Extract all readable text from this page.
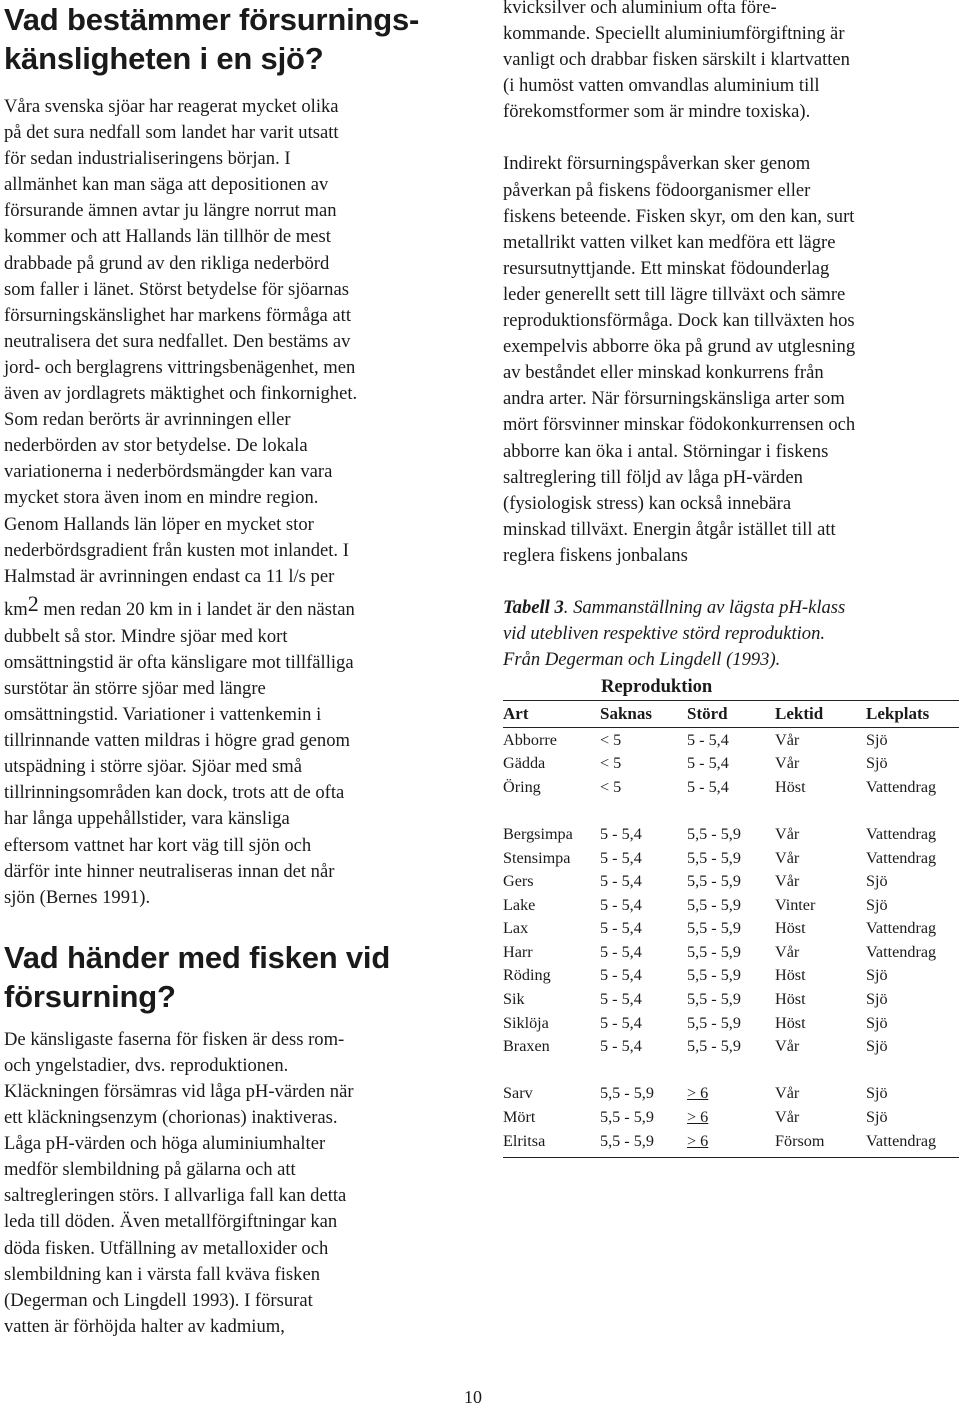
Vad bestämmer försurnings-
känsligheten i en sjö?

Våra svenska sjöar har reagerat mycket olika
på det sura nedfall som landet har varit utsatt
för sedan industrialiseringens början. I
allmänhet kan man säga att depositionen av
försurande ämnen avtar ju längre norrut man
kommer och att Hallands län tillhör de mest
drabbade på grund av den rikliga nederbörd
som faller i länet. Störst betydelse för sjöarnas
försurningskänslighet har markens förmåga att
neutralisera det sura nedfallet. Den bestäms av
jord- och berglagrens vittringsbenägenhet, men
även av jordlagrets mäktighet och finkornighet.
Som redan berörts är avrinningen eller
nederbörden av stor betydelse. De lokala
variationerna i nederbördsmängder kan vara
mycket stora även inom en mindre region.
Genom Hallands län löper en mycket stor
nederbördsgradient från kusten mot inlandet. I
Halmstad är avrinningen endast ca 11 l/s per
km2 men redan 20 km in i landet är den nästan
dubbelt så stor. Mindre sjöar med kort
omsättningstid är ofta känsligare mot tillfälliga
surstötar än större sjöar med längre
omsättningstid. Variationer i vattenkemin i
tillrinnande vatten mildras i högre grad genom
utspädning i större sjöar. Sjöar med små
tillrinningsområden kan dock, trots att de ofta
har långa uppehållstider, vara känsliga
eftersom vattnet har kort väg till sjön och
därför inte hinner neutraliseras innan det når
sjön (Bernes 1991).

Vad händer med fisken vid
försurning?

De känsligaste faserna för fisken är dess rom-
och yngelstadier, dvs. reproduktionen.
Kläckningen försämras vid låga pH-värden när
ett kläckningsenzym (chorionas) inaktiveras.
Låga pH-värden och höga aluminiumhalter
medför slembildning på gälarna och att
saltregleringen störs. I allvarliga fall kan detta
leda till döden. Även metallförgiftningar kan
döda fisken. Utfällning av metalloxider och
slembildning kan i värsta fall kväva fisken
(Degerman och Lingdell 1993). I försurat
vatten är förhöjda halter av kadmium,

kvicksilver och aluminium ofta före-
kommande. Speciellt aluminiumförgiftning är
vanligt och drabbar fisken särskilt i klartvatten
(i humöst vatten omvandlas aluminium till
förekomstformer som är mindre toxiska).

Indirekt försurningspåverkan sker genom
påverkan på fiskens födoorganismer eller
fiskens beteende. Fisken skyr, om den kan, surt
metallrikt vatten vilket kan medföra ett lägre
resursutnyttjande. Ett minskat födounderlag
leder generellt sett till lägre tillväxt och sämre
reproduktionsförmåga. Dock kan tillväxten hos
exempelvis abborre öka på grund av utglesning
av beståndet eller minskad konkurrens från
andra arter. När försurningskänsliga arter som
mört försvinner minskar födokonkurrensen och
abborre kan öka i antal. Störningar i fiskens
saltreglering till följd av låga pH-värden
(fysiologisk stress) kan också innebära
minskad tillväxt. Energin åtgår istället till att
reglera fiskens jonbalans

Tabell 3. Sammanställning av lägsta pH-klass
vid utebliven respektive störd reproduktion.
Från Degerman och Lingdell (1993).

Reproduktion
Art	Saknas	Störd	Lektid	Lekplats
Abborre	< 5	5 - 5,4	Vår	Sjö
Gädda	< 5	5 - 5,4	Vår	Sjö
Öring	< 5	5 - 5,4	Höst	Vattendrag

Bergsimpa	5 - 5,4	5,5 - 5,9	Vår	Vattendrag
Stensimpa	5 - 5,4	5,5 - 5,9	Vår	Vattendrag
Gers	5 - 5,4	5,5 - 5,9	Vår	Sjö
Lake	5 - 5,4	5,5 - 5,9	Vinter	Sjö
Lax	5 - 5,4	5,5 - 5,9	Höst	Vattendrag
Harr	5 - 5,4	5,5 - 5,9	Vår	Vattendrag
Röding	5 - 5,4	5,5 - 5,9	Höst	Sjö
Sik	5 - 5,4	5,5 - 5,9	Höst	Sjö
Siklöja	5 - 5,4	5,5 - 5,9	Höst	Sjö
Braxen	5 - 5,4	5,5 - 5,9	Vår	Sjö

Sarv	5,5 - 5,9	> 6	Vår	Sjö
Mört	5,5 - 5,9	> 6	Vår	Sjö
Elritsa	5,5 - 5,9	> 6	Försom	Vattendrag

10
